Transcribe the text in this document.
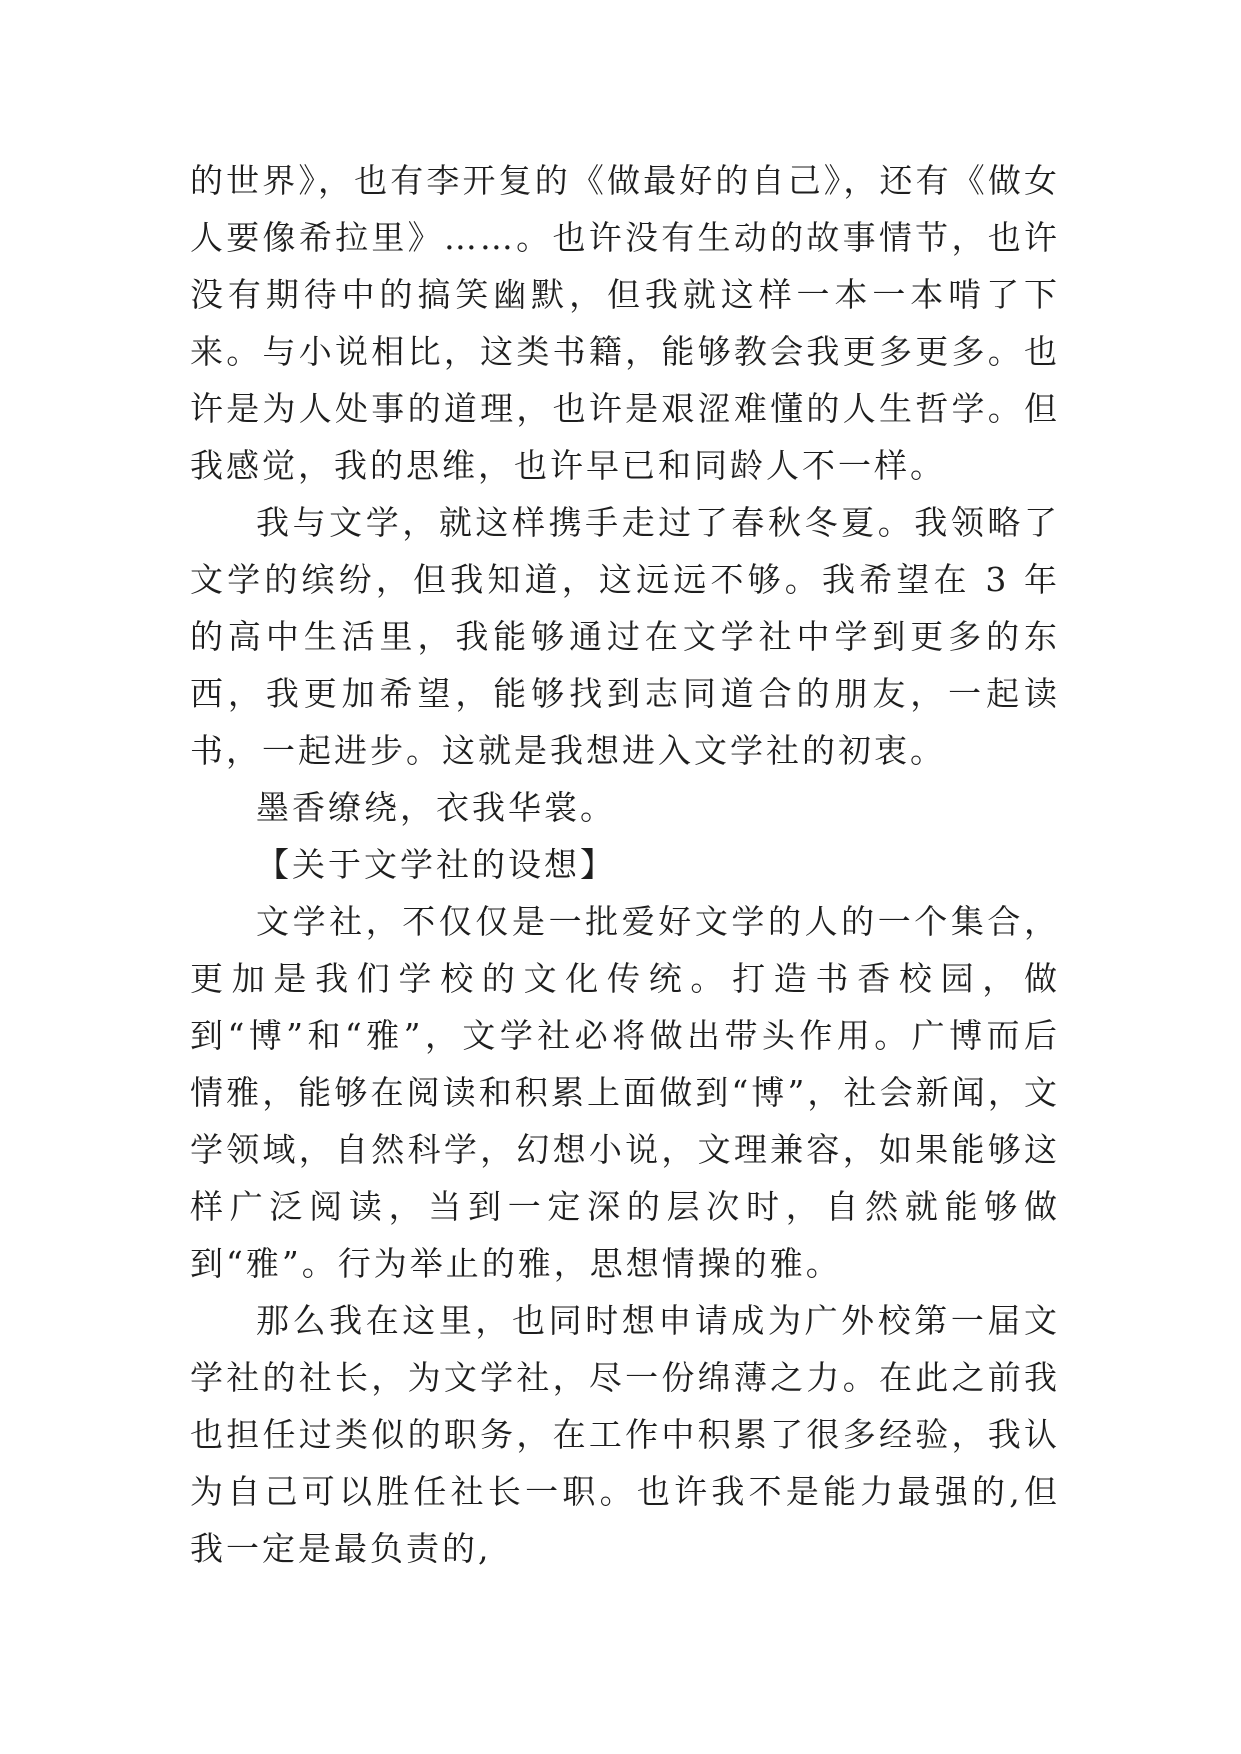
的世界》，也有李开复的《做最好的自己》，还有《做女人要像希拉里》……。也许没有生动的故事情节，也许没有期待中的搞笑幽默，但我就这样一本一本啃了下来。与小说相比，这类书籍，能够教会我更多更多。也许是为人处事的道理，也许是艰涩难懂的人生哲学。但我感觉，我的思维，也许早已和同龄人不一样。

我与文学，就这样携手走过了春秋冬夏。我领略了文学的缤纷，但我知道，这远远不够。我希望在 3 年的高中生活里，我能够通过在文学社中学到更多的东西，我更加希望，能够找到志同道合的朋友，一起读书，一起进步。这就是我想进入文学社的初衷。

墨香缭绕，衣我华裳。

【关于文学社的设想】

文学社，不仅仅是一批爱好文学的人的一个集合，更加是我们学校的文化传统。打造书香校园，做到“博”和“雅”，文学社必将做出带头作用。广博而后情雅，能够在阅读和积累上面做到“博”，社会新闻，文学领域，自然科学，幻想小说，文理兼容，如果能够这样广泛阅读，当到一定深的层次时，自然就能够做到“雅”。行为举止的雅，思想情操的雅。

那么我在这里，也同时想申请成为广外校第一届文学社的社长，为文学社，尽一份绵薄之力。在此之前我也担任过类似的职务，在工作中积累了很多经验，我认为自己可以胜任社长一职。也许我不是能力最强的,但我一定是最负责的,
